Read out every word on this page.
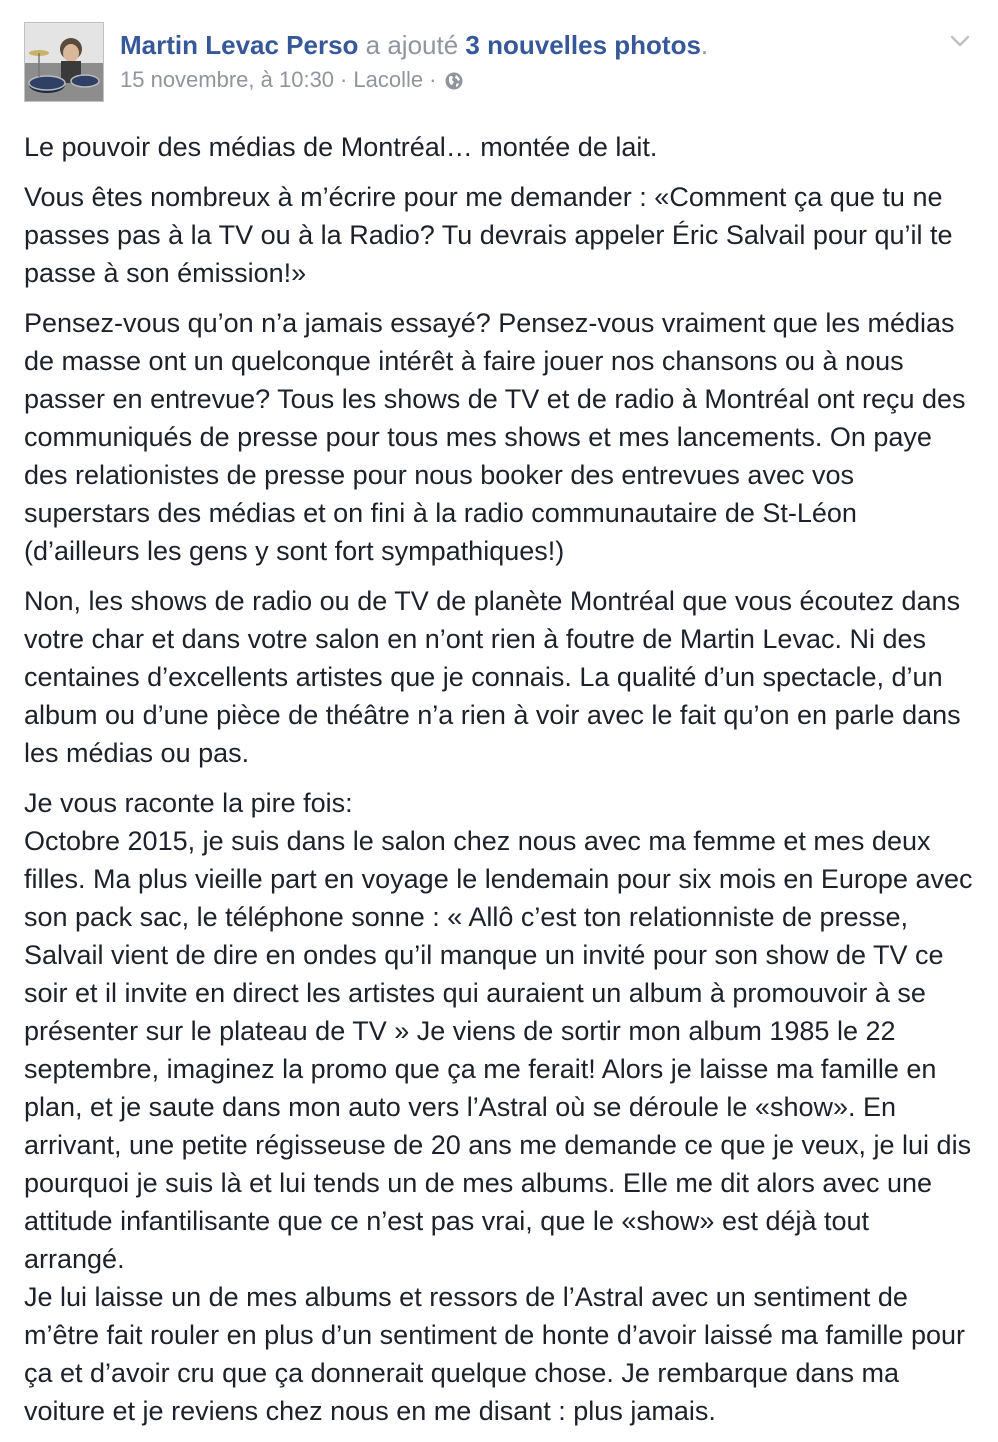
Martin Levac Perso a ajouté 3 nouvelles photos.
15 novembre, à 10:30 · Lacolle ·

Le pouvoir des médias de Montréal… montée de lait.

Vous êtes nombreux à m’écrire pour me demander : «Comment ça que tu ne passes pas à la TV ou à la Radio? Tu devrais appeler Éric Salvail pour qu’il te passe à son émission!»

Pensez-vous qu’on n’a jamais essayé? Pensez-vous vraiment que les médias de masse ont un quelconque intérêt à faire jouer nos chansons ou à nous passer en entrevue? Tous les shows de TV et de radio à Montréal ont reçu des communiqués de presse pour tous mes shows et mes lancements. On paye des relationistes de presse pour nous booker des entrevues avec vos superstars des médias et on fini à la radio communautaire de St-Léon (d’ailleurs les gens y sont fort sympathiques!)

Non, les shows de radio ou de TV de planète Montréal que vous écoutez dans votre char et dans votre salon en n’ont rien à foutre de Martin Levac. Ni des centaines d’excellents artistes que je connais. La qualité d’un spectacle, d’un album ou d’une pièce de théâtre n’a rien à voir avec le fait qu’on en parle dans les médias ou pas.

Je vous raconte la pire fois:
Octobre 2015, je suis dans le salon chez nous avec ma femme et mes deux filles. Ma plus vieille part en voyage le lendemain pour six mois en Europe avec son pack sac, le téléphone sonne : « Allô c’est ton relationniste de presse, Salvail vient de dire en ondes qu’il manque un invité pour son show de TV ce soir et il invite en direct les artistes qui auraient un album à promouvoir à se présenter sur le plateau de TV » Je viens de sortir mon album 1985 le 22 septembre, imaginez la promo que ça me ferait! Alors je laisse ma famille en plan, et je saute dans mon auto vers l’Astral où se déroule le «show». En arrivant, une petite régisseuse de 20 ans me demande ce que je veux, je lui dis pourquoi je suis là et lui tends un de mes albums. Elle me dit alors avec une attitude infantilisante que ce n’est pas vrai, que le «show» est déjà tout arrangé.
Je lui laisse un de mes albums et ressors de l’Astral avec un sentiment de m’être fait rouler en plus d’un sentiment de honte d’avoir laissé ma famille pour ça et d’avoir cru que ça donnerait quelque chose. Je rembarque dans ma voiture et je reviens chez nous en me disant : plus jamais.
